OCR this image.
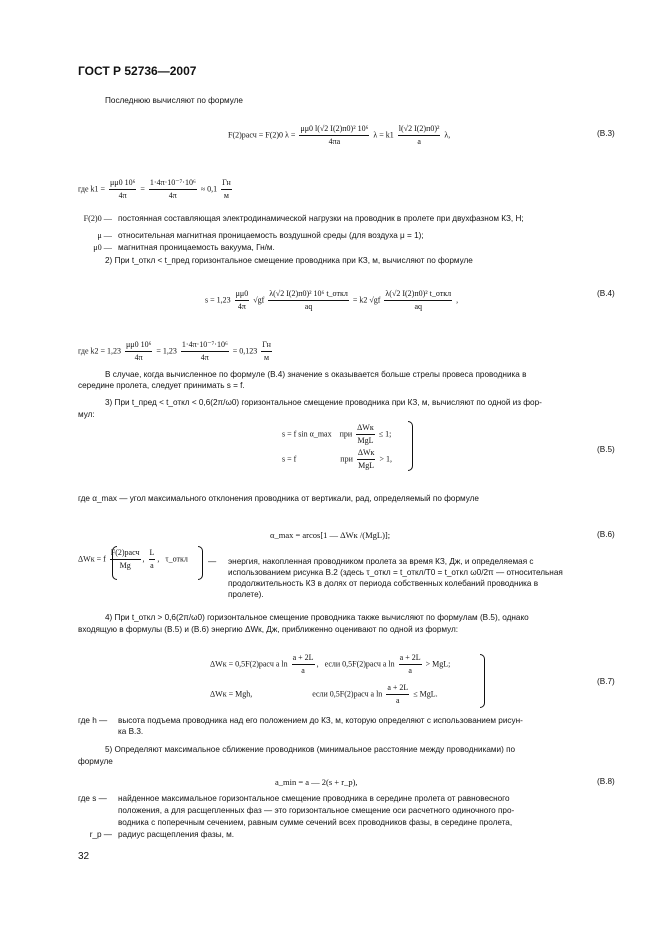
ГОСТ Р 52736—2007
Последнюю вычисляют по формуле
F(2)расч = F(2)0 $\lambda = \frac{\text{μμ0 l(√2 I(2)п0)² 10⁶}}{4\pi a}$ $\lambda = k1 \frac{\text{l(√2 I(2)п0)²}}{a} \lambda$,	(В.3)
где $k1 = \frac{\text{μμ0 10⁶}}{4\pi} = \frac{\text{1·4π·10⁻⁷·10⁶}}{4\pi} \approx 0,1 \frac{Гн}{м}$
F(2)0 — постоянная составляющая электродинамической нагрузки на проводник в пролете при двухфазном КЗ, Н;
μ — относительная магнитная проницаемость воздушной среды (для воздуха μ = 1);
μ0 — магнитная проницаемость вакуума, Гн/м.
2) При t_откл < t_пред горизонтальное смещение проводника при КЗ, м, вычисляют по формуле
$s = 1,23 \frac{\mu\mu 0}{4\pi} √gf \frac{\text{λ(√2 I(2)п0)² 10⁶ t\_откл}}{aq} = k2$ $√gf \frac{\text{λ(√2 I(2)п0)² t\_откл}}{aq}$ ,
(В.4)
где $k2 = 1,23 \frac{\text{μμ0 10⁶}}{4\pi} = 1,23 \frac{\text{1·4π·10⁻⁷·10⁶}}{4\pi} = 0,123 \frac{Гн}{м}$
В случае, когда вычисленное по формуле (В.4) значение s оказывается больше стрелы провеса проводника в
середине пролета, следует принимать s = f.
3) При t_пред < t_откл < 0,6(2π/ω0) горизонтальное смещение проводника при КЗ, м, вычисляют по одной из фор-
мул:
s = f sin α_max при $\frac{\text{ΔWк}}{\text{MgL}} \le 1$;
s = f	при $\frac{\text{ΔWк}}{\text{MgL}} > 1$,
(В.5)
где α_max — угол максимального отклонения проводника от вертикали, рад, определяемый по формуле
α_max = arcos[1 — ΔWк /(MgL)];	(В.6)
ΔWк = f $\frac{\text{F(2)расч}}{Mg}$ , $\frac{L}{a}$ ,   τ_откл — энергия, накопленная проводником пролета за время КЗ, Дж, и определяемая с
использованием рисунка В.2 (здесь τ_откл = t_откл/T0 = t_откл ω0/2π — относительная
продолжительность КЗ в долях от периода собственных колебаний проводника в
пролете).
4) При t_откл > 0,6(2π/ω0) горизонтальное смещение проводника также вычисляют по формулам (В.5), однако
входящую в формулы (В.5) и (В.6) энергию ΔWк, Дж, приближенно оценивают по одной из формул:
ΔWк = 0,5F(2)расч a $\ln \frac{a + 2L}{a}$ ,   если 0,5F(2)расч a $\ln \frac{a + 2L}{a}$ > MgL;
ΔWк = Mgh,	если 0,5F(2)расч a $\ln \frac{a + 2L}{a}$ ≤ MgL.
(В.7)
где h — высота подъема проводника над его положением до КЗ, м, которую определяют с использованием рисун-
ка В.3.
5) Определяют максимальное сближение проводников (минимальное расстояние между проводниками) по
формуле
a_min = a — 2(s + r_p),	(В.8)
где s — найденное максимальное горизонтальное смещение проводника в середине пролета от равновесного
положения, а для расщепленных фаз — это горизонтальное смещение оси расчетного одиночного про-
водника с поперечным сечением, равным сумме сечений всех проводников фазы, в середине пролета,
r_p — радиус расщепления фазы, м.
32
